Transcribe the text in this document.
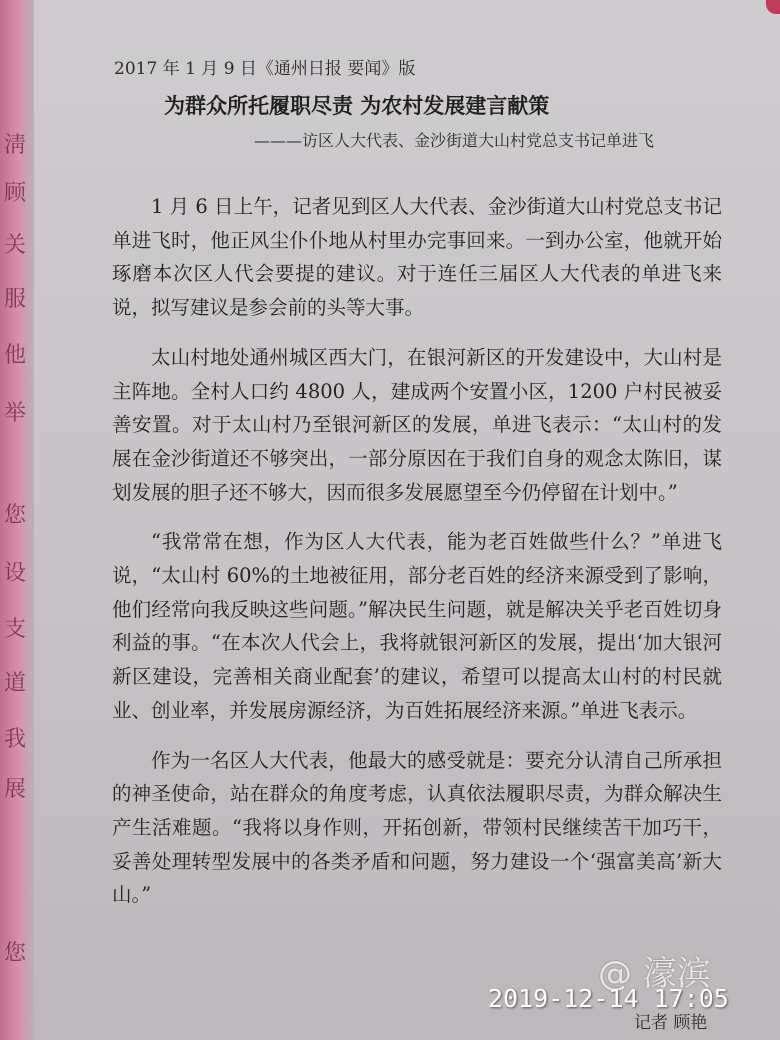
淸
顾
关
服
他
举
您
设
支
道
我
展
您
2017 年 1 月 9 日《通州日报 要闻》版
为群众所托履职尽责 为农村发展建言献策
———访区人大代表、金沙街道大山村党总支书记单进飞

1 月 6 日上午，记者见到区人大代表、金沙街道大山村党总支书记单进飞时，他正风尘仆仆地从村里办完事回来。一到办公室，他就开始琢磨本次区人代会要提的建议。对于连任三届区人大代表的单进飞来说，拟写建议是参会前的头等大事。

太山村地处通州城区西大门，在银河新区的开发建设中，大山村是主阵地。全村人口约 4800 人，建成两个安置小区，1200 户村民被妥善安置。对于太山村乃至银河新区的发展，单进飞表示：“太山村的发展在金沙街道还不够突出，一部分原因在于我们自身的观念太陈旧，谋划发展的胆子还不够大，因而很多发展愿望至今仍停留在计划中。”

“我常常在想，作为区人大代表，能为老百姓做些什么？”单进飞说，“太山村 60%的土地被征用，部分老百姓的经济来源受到了影响，他们经常向我反映这些问题。”解决民生问题，就是解决关乎老百姓切身利益的事。“在本次人代会上，我将就银河新区的发展，提出‘加大银河新区建设，完善相关商业配套’的建议，希望可以提高太山村的村民就业、创业率，并发展房源经济，为百姓拓展经济来源。”单进飞表示。

作为一名区人大代表，他最大的感受就是：要充分认清自己所承担的神圣使命，站在群众的角度考虑，认真依法履职尽责，为群众解决生产生活难题。“我将以身作则，开拓创新，带领村民继续苦干加巧干，妥善处理转型发展中的各类矛盾和问题，努力建设一个‘强富美高’新大山。”

记者 顾艳
@ 濠滨
2019-12-14 17:05
